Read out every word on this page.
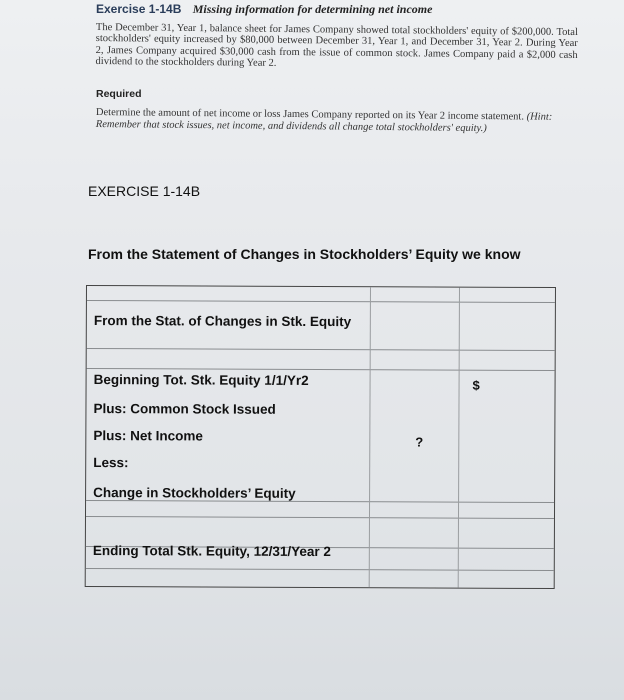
Exercise 1-14B Missing information for determining net income
The December 31, Year 1, balance sheet for James Company showed total stockholders' equity of $200,000. Total stockholders' equity increased by $80,000 between December 31, Year 1, and December 31, Year 2. During Year 2, James Company acquired $30,000 cash from the issue of common stock. James Company paid a $2,000 cash dividend to the stockholders during Year 2.
Required
Determine the amount of net income or loss James Company reported on its Year 2 income statement. (Hint: Remember that stock issues, net income, and dividends all change total stockholders' equity.)
EXERCISE 1-14B
From the Statement of Changes in Stockholders’ Equity we know
From the Stat. of Changes in Stk. Equity
Beginning Tot. Stk. Equity 1/1/Yr2	$
Plus: Common Stock Issued
Plus: Net Income	?
Less:
Change in Stockholders’ Equity
Ending Total Stk. Equity, 12/31/Year 2
